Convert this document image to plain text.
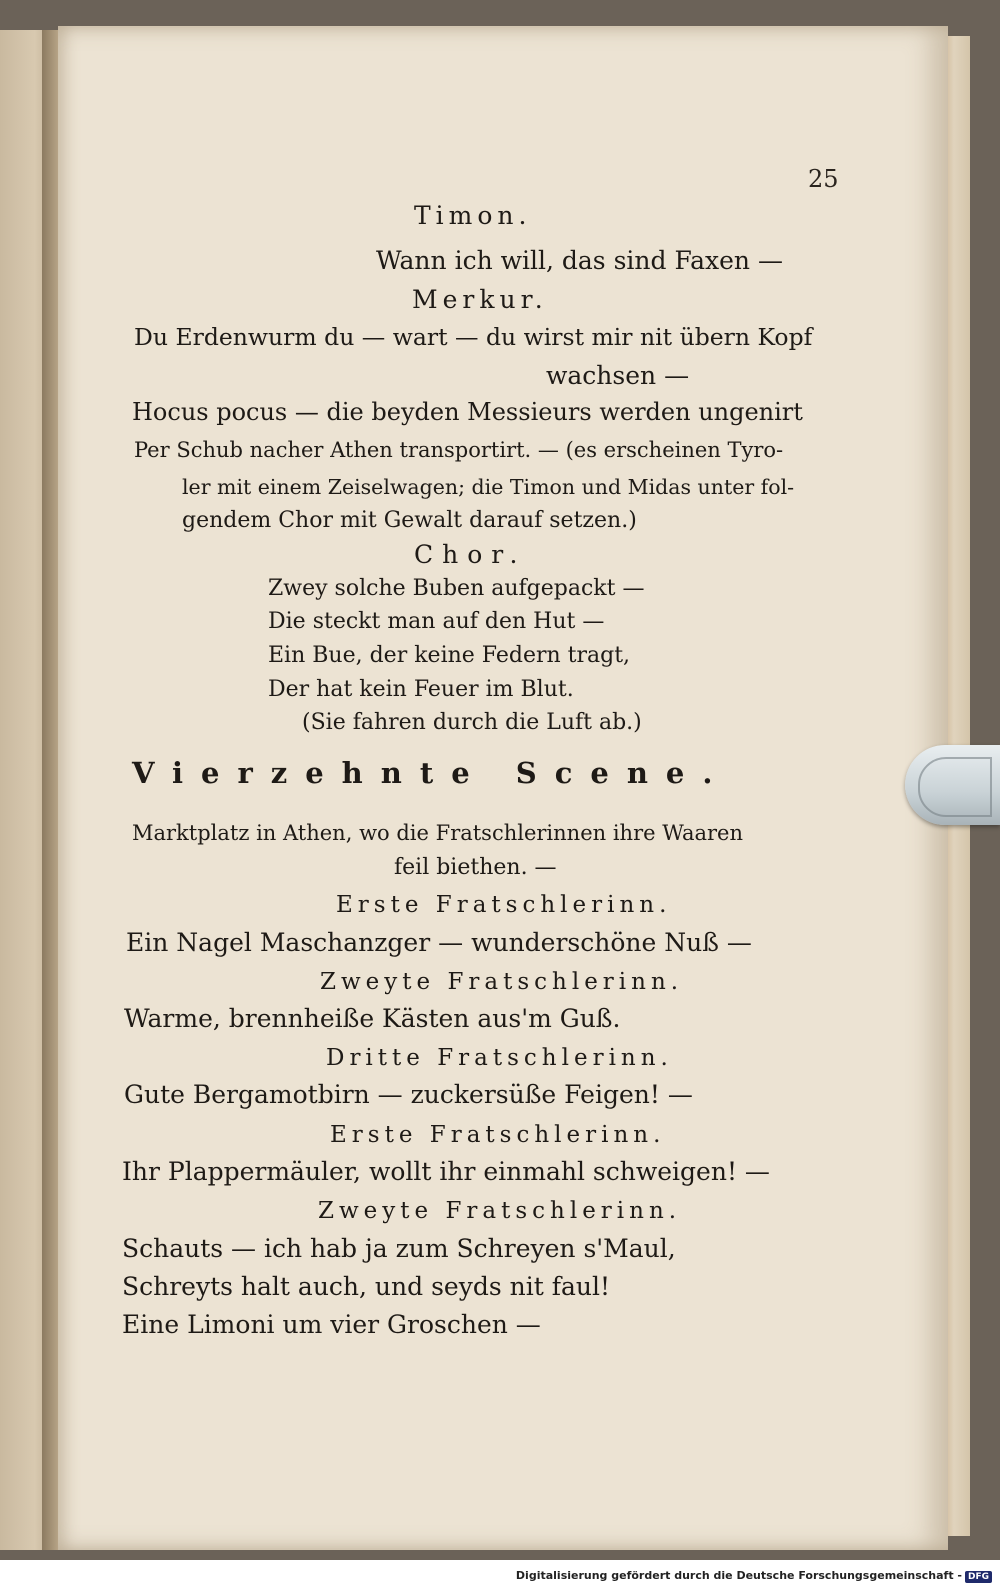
25

Timon.

Wann ich will, das sind Faxen —

Merkur.

Du Erdenwurm du — wart — du wirst mir nit übern Kopf

wachsen —

Hocus pocus — die beyden Messieurs werden ungenirt

Per Schub nacher Athen transportirt. — (es erscheinen Tyro-

ler mit einem Zeiselwagen; die Timon und Midas unter fol-

gendem Chor mit Gewalt darauf setzen.)

Chor.

Zwey solche Buben aufgepackt —

Die steckt man auf den Hut —

Ein Bue, der keine Federn tragt,

Der hat kein Feuer im Blut.

(Sie fahren durch die Luft ab.)

Vierzehnte Scene.

Marktplatz in Athen, wo die Fratschlerinnen ihre Waaren

feil biethen. —

Erste Fratschlerinn.

Ein Nagel Maschanzger — wunderschöne Nuß —

Zweyte Fratschlerinn.

Warme, brennheiße Kästen aus'm Guß.

Dritte Fratschlerinn.

Gute Bergamotbirn — zuckersüße Feigen! —

Erste Fratschlerinn.

Ihr Plappermäuler, wollt ihr einmahl schweigen! —

Zweyte Fratschlerinn.

Schauts — ich hab ja zum Schreyen s'Maul,

Schreyts halt auch, und seyds nit faul!

Eine Limoni um vier Groschen —

Digitalisierung gefördert durch die Deutsche Forschungsgemeinschaft - DFG
